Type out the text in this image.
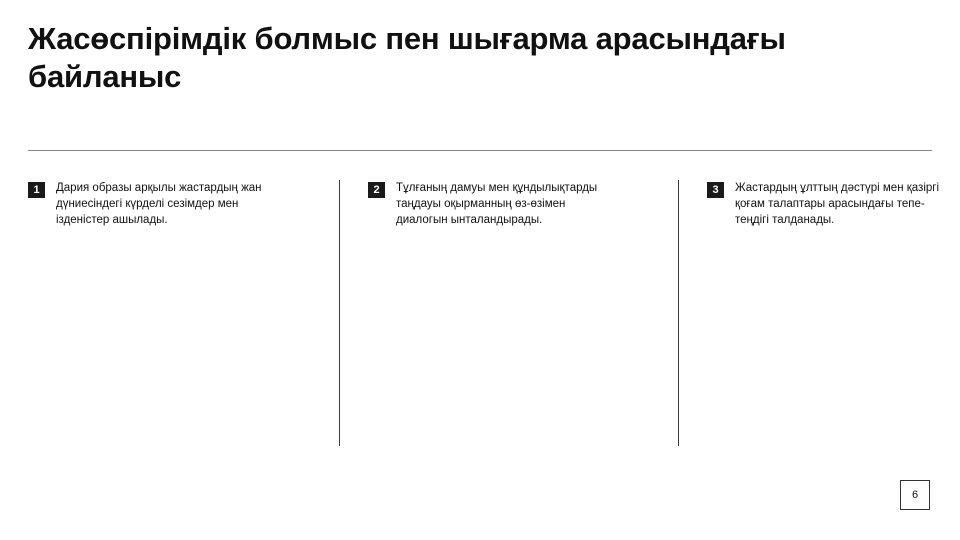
Жасөспірімдік болмыс пен шығарма арасындағы байланыс
1	Дария образы арқылы жастардың жан дүниесіндегі күрделі сезімдер мен ізденістер ашылады.
2	Тұлғаның дамуы мен құндылықтарды таңдауы оқырманның өз-өзімен диалогын ынталандырады.
3	Жастардың ұлттың дәстүрі мен қазіргі қоғам талаптары арасындағы тепе-теңдігі талданады.
6
